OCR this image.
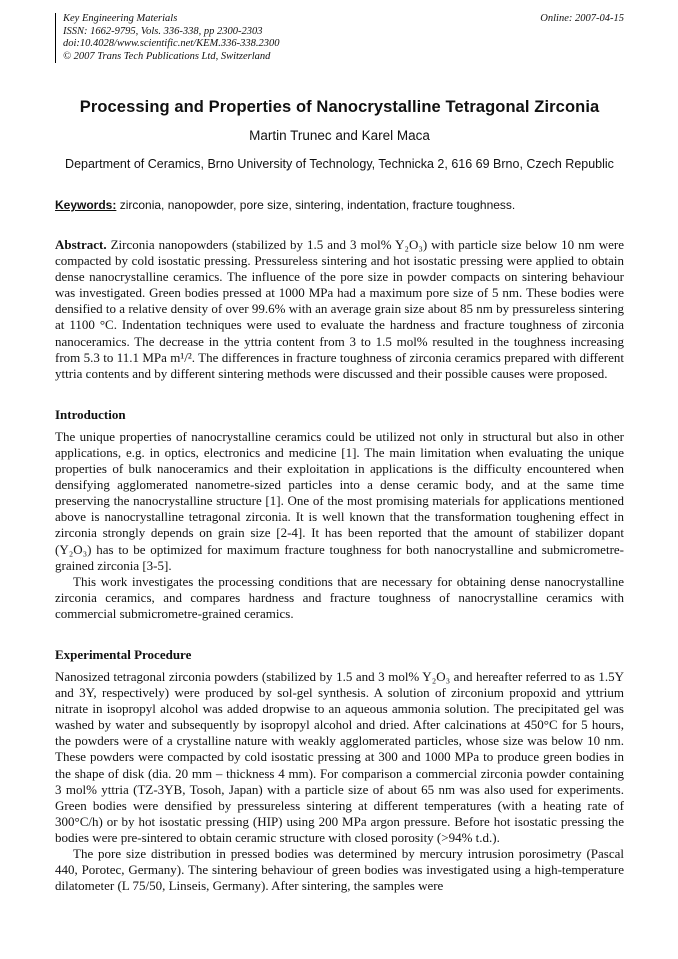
Key Engineering Materials
ISSN: 1662-9795, Vols. 336-338, pp 2300-2303
doi:10.4028/www.scientific.net/KEM.336-338.2300
© 2007 Trans Tech Publications Ltd, Switzerland
Online: 2007-04-15
Processing and Properties of Nanocrystalline Tetragonal Zirconia
Martin Trunec and Karel Maca
Department of Ceramics, Brno University of Technology, Technicka 2, 616 69 Brno, Czech Republic

Keywords: zirconia, nanopowder, pore size, sintering, indentation, fracture toughness.

Abstract. Zirconia nanopowders (stabilized by 1.5 and 3 mol% Y₂O₃) with particle size below 10 nm were compacted by cold isostatic pressing. Pressureless sintering and hot isostatic pressing were applied to obtain dense nanocrystalline ceramics. The influence of the pore size in powder compacts on sintering behaviour was investigated. Green bodies pressed at 1000 MPa had a maximum pore size of 5 nm. These bodies were densified to a relative density of over 99.6% with an average grain size about 85 nm by pressureless sintering at 1100 °C. Indentation techniques were used to evaluate the hardness and fracture toughness of zirconia nanoceramics. The decrease in the yttria content from 3 to 1.5 mol% resulted in the toughness increasing from 5.3 to 11.1 MPa m¹/². The differences in fracture toughness of zirconia ceramics prepared with different yttria contents and by different sintering methods were discussed and their possible causes were proposed.

Introduction

The unique properties of nanocrystalline ceramics could be utilized not only in structural but also in other applications, e.g. in optics, electronics and medicine [1]. The main limitation when evaluating the unique properties of bulk nanoceramics and their exploitation in applications is the difficulty encountered when densifying agglomerated nanometre-sized particles into a dense ceramic body, and at the same time preserving the nanocrystalline structure [1]. One of the most promising materials for applications mentioned above is nanocrystalline tetragonal zirconia. It is well known that the transformation toughening effect in zirconia strongly depends on grain size [2-4]. It has been reported that the amount of stabilizer dopant (Y₂O₃) has to be optimized for maximum fracture toughness for both nanocrystalline and submicrometre-grained zirconia [3-5].

This work investigates the processing conditions that are necessary for obtaining dense nanocrystalline zirconia ceramics, and compares hardness and fracture toughness of nanocrystalline ceramics with commercial submicrometre-grained ceramics.

Experimental Procedure

Nanosized tetragonal zirconia powders (stabilized by 1.5 and 3 mol% Y₂O₃ and hereafter referred to as 1.5Y and 3Y, respectively) were produced by sol-gel synthesis. A solution of zirconium propoxid and yttrium nitrate in isopropyl alcohol was added dropwise to an aqueous ammonia solution. The precipitated gel was washed by water and subsequently by isopropyl alcohol and dried. After calcinations at 450°C for 5 hours, the powders were of a crystalline nature with weakly agglomerated particles, whose size was below 10 nm. These powders were compacted by cold isostatic pressing at 300 and 1000 MPa to produce green bodies in the shape of disk (dia. 20 mm – thickness 4 mm). For comparison a commercial zirconia powder containing 3 mol% yttria (TZ-3YB, Tosoh, Japan) with a particle size of about 65 nm was also used for experiments. Green bodies were densified by pressureless sintering at different temperatures (with a heating rate of 300°C/h) or by hot isostatic pressing (HIP) using 200 MPa argon pressure. Before hot isostatic pressing the bodies were pre-sintered to obtain ceramic structure with closed porosity (>94% t.d.).

The pore size distribution in pressed bodies was determined by mercury intrusion porosimetry (Pascal 440, Porotec, Germany). The sintering behaviour of green bodies was investigated using a high-temperature dilatometer (L 75/50, Linseis, Germany). After sintering, the samples were
